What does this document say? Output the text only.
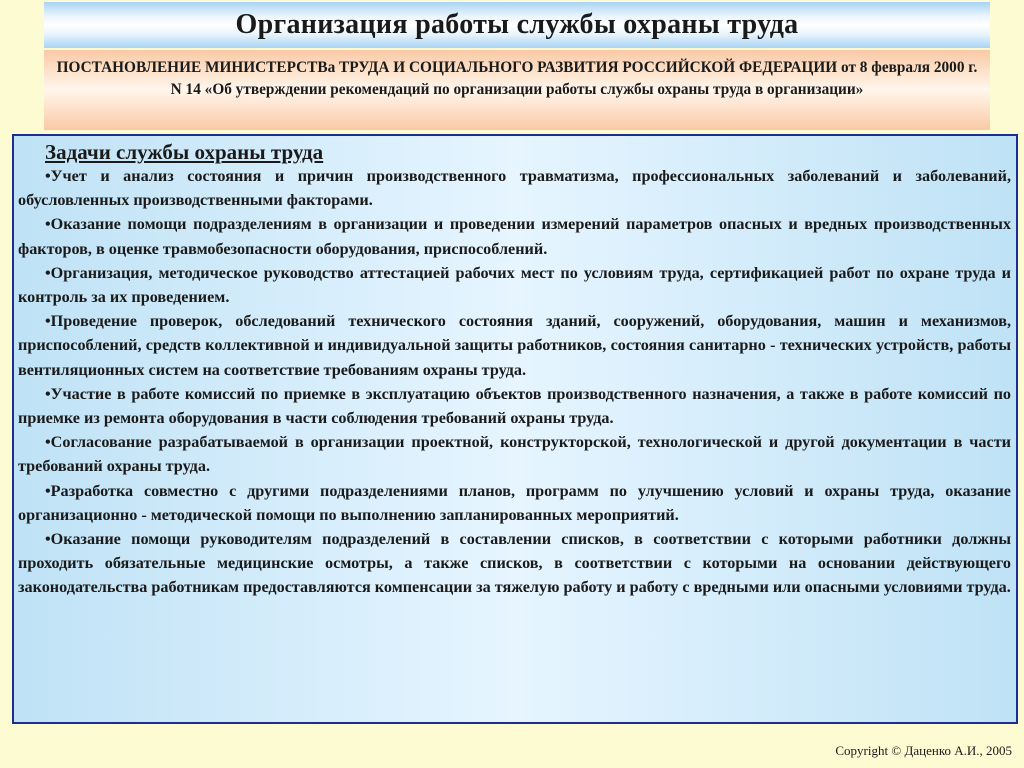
Организация работы службы охраны труда
ПОСТАНОВЛЕНИЕ МИНИСТЕРСТВа ТРУДА И СОЦИАЛЬНОГО РАЗВИТИЯ РОССИЙСКОЙ ФЕДЕРАЦИИ от 8 февраля 2000 г. N 14 «Об утверждении рекомендаций по организации работы службы охраны труда в организации»
Задачи службы охраны труда
•Учет и анализ состояния и причин производственного травматизма, профессиональных заболеваний и заболеваний, обусловленных производственными факторами.
•Оказание помощи подразделениям в организации и проведении измерений параметров опасных и вредных производственных факторов, в оценке травмобезопасности оборудования, приспособлений.
•Организация, методическое руководство аттестацией рабочих мест по условиям труда, сертификацией работ по охране труда и контроль за их проведением.
•Проведение проверок, обследований технического состояния зданий, сооружений, оборудования, машин и механизмов, приспособлений, средств коллективной и индивидуальной защиты работников, состояния санитарно - технических устройств, работы вентиляционных систем на соответствие требованиям охраны труда.
•Участие в работе комиссий по приемке в эксплуатацию объектов производственного назначения, а также в работе комиссий по приемке из ремонта оборудования в части соблюдения требований охраны труда.
•Согласование разрабатываемой в организации проектной, конструкторской, технологической и другой документации в части требований охраны труда.
•Разработка совместно с другими подразделениями планов, программ по улучшению условий и охраны труда, оказание организационно - методической помощи по выполнению запланированных мероприятий.
•Оказание помощи руководителям подразделений в составлении списков, в соответствии с которыми работники должны проходить обязательные медицинские осмотры, а также списков, в соответствии с которыми на основании действующего законодательства работникам предоставляются компенсации за тяжелую работу и работу с вредными или опасными условиями труда.
Copyright © Даценко А.И., 2005
